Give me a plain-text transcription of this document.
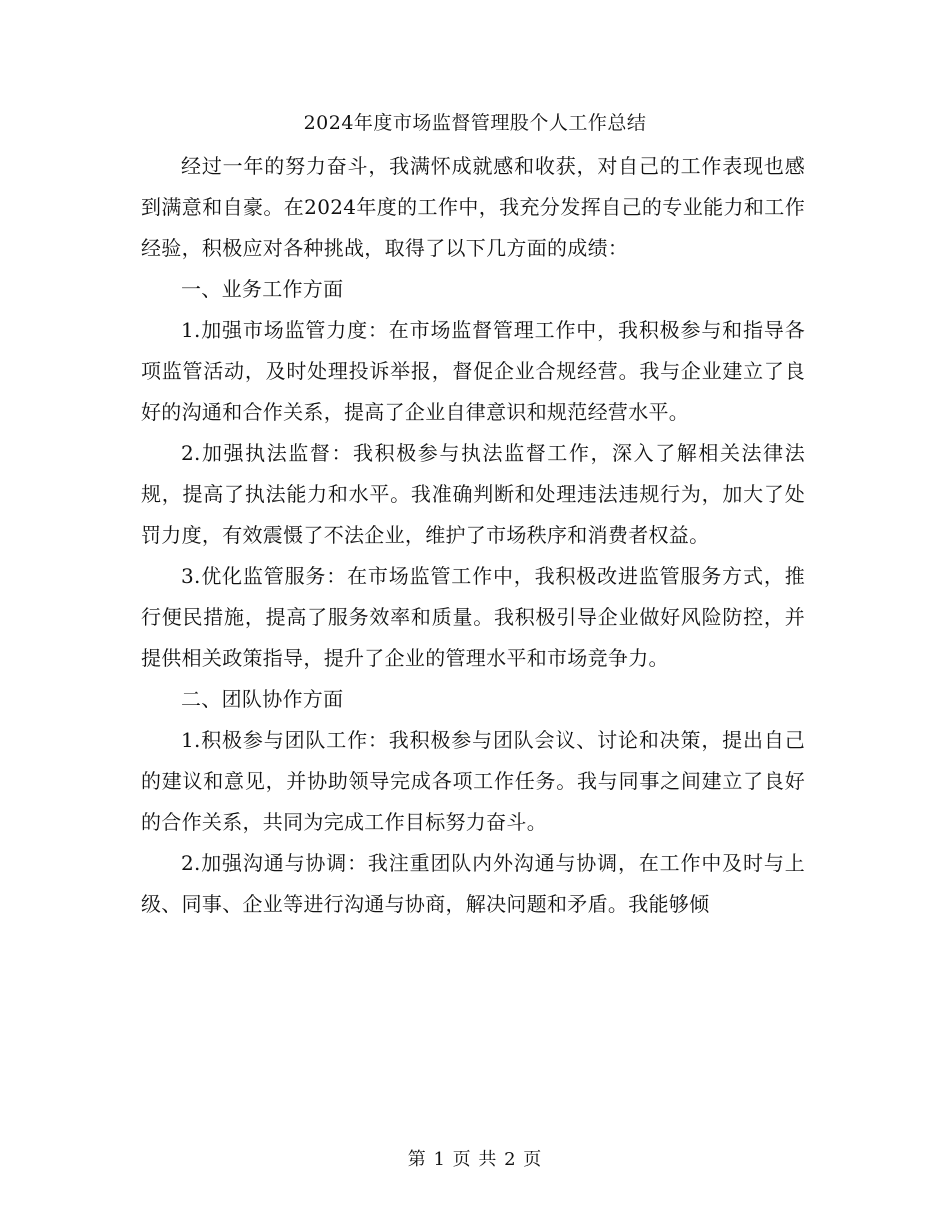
2024年度市场监督管理股个人工作总结

经过一年的努力奋斗，我满怀成就感和收获，对自己的工作表现也感到满意和自豪。在2024年度的工作中，我充分发挥自己的专业能力和工作经验，积极应对各种挑战，取得了以下几方面的成绩：

一、业务工作方面

1.加强市场监管力度：在市场监督管理工作中，我积极参与和指导各项监管活动，及时处理投诉举报，督促企业合规经营。我与企业建立了良好的沟通和合作关系，提高了企业自律意识和规范经营水平。

2.加强执法监督：我积极参与执法监督工作，深入了解相关法律法规，提高了执法能力和水平。我准确判断和处理违法违规行为，加大了处罚力度，有效震慑了不法企业，维护了市场秩序和消费者权益。

3.优化监管服务：在市场监管工作中，我积极改进监管服务方式，推行便民措施，提高了服务效率和质量。我积极引导企业做好风险防控，并提供相关政策指导，提升了企业的管理水平和市场竞争力。

二、团队协作方面

1.积极参与团队工作：我积极参与团队会议、讨论和决策，提出自己的建议和意见，并协助领导完成各项工作任务。我与同事之间建立了良好的合作关系，共同为完成工作目标努力奋斗。

2.加强沟通与协调：我注重团队内外沟通与协调，在工作中及时与上级、同事、企业等进行沟通与协商，解决问题和矛盾。我能够倾

第 1 页 共 2 页
